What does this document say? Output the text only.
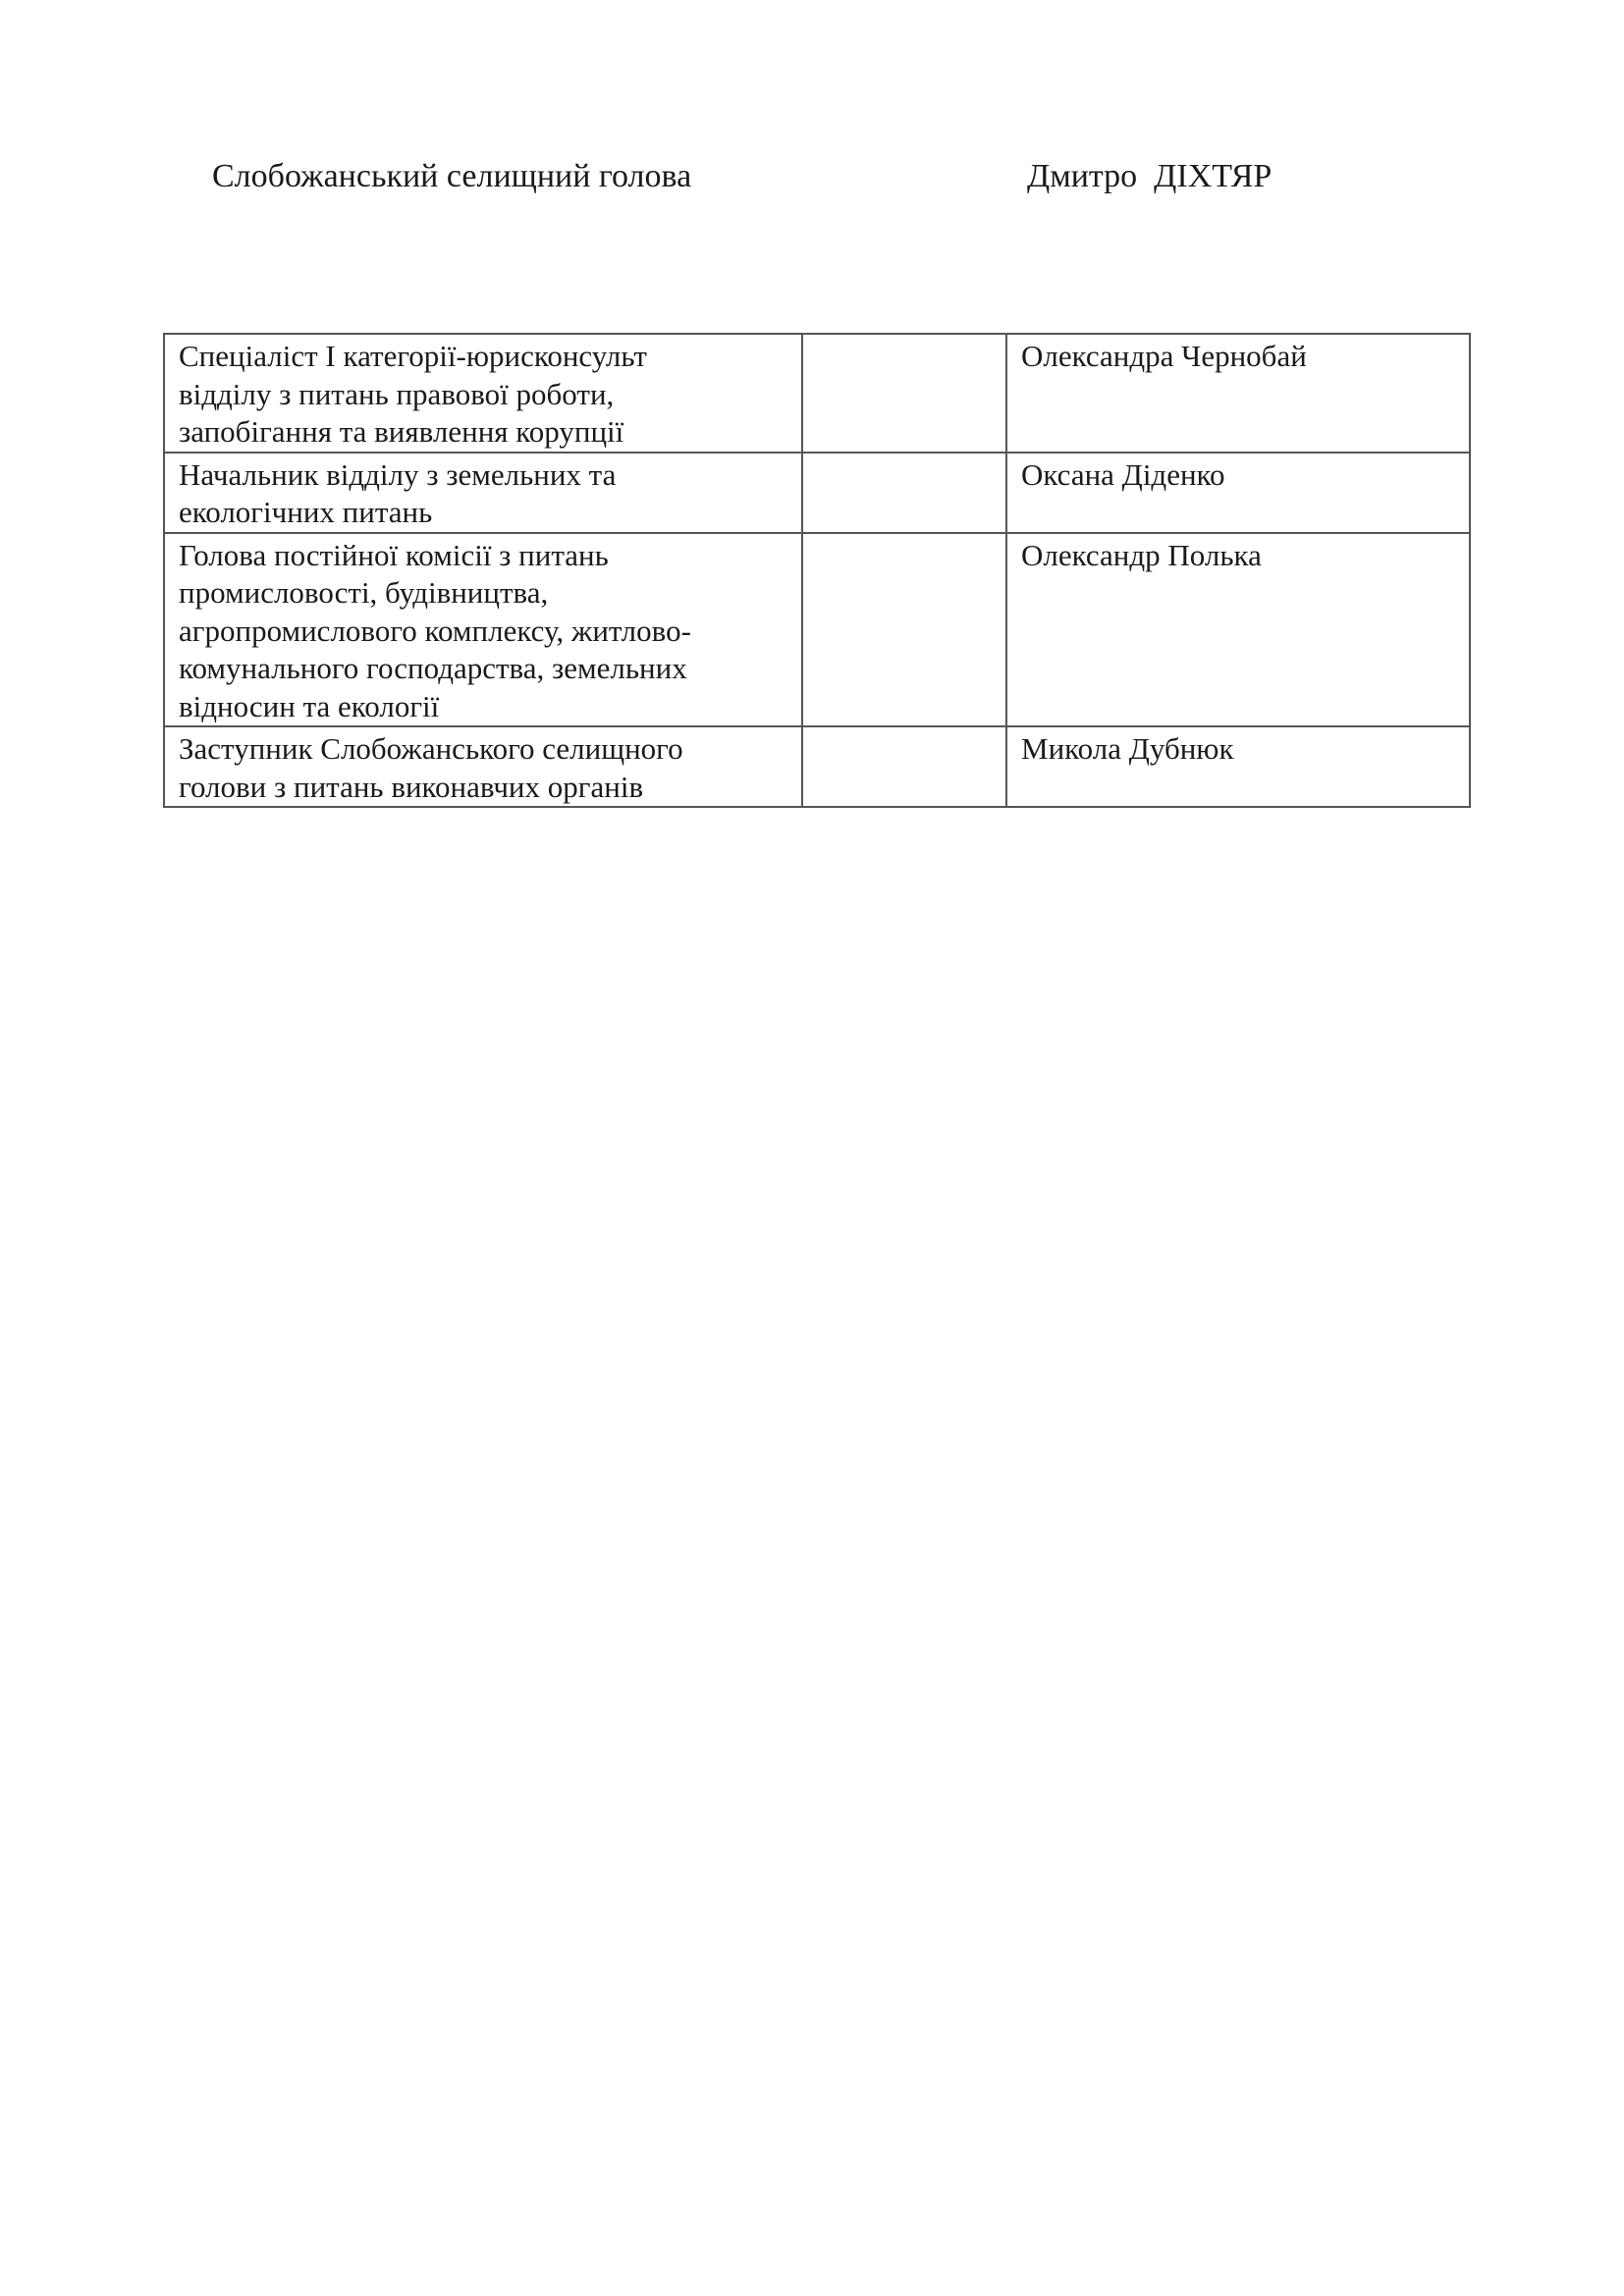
Слобожанський селищний голова	Дмитро  ДІХТЯР
Спеціаліст І категорії-юрисконсульт
відділу з питань правової роботи,
запобігання та виявлення корупції		Олександра Чернобай

Начальник відділу з земельних та
екологічних питань		Оксана Діденко

Голова постійної комісії з питань
промисловості, будівництва,
агропромислового комплексу, житлово-
комунального господарства, земельних
відносин та екології		Олександр Полька

Заступник Слобожанського селищного
голови з питань виконавчих органів		Микола Дубнюк
